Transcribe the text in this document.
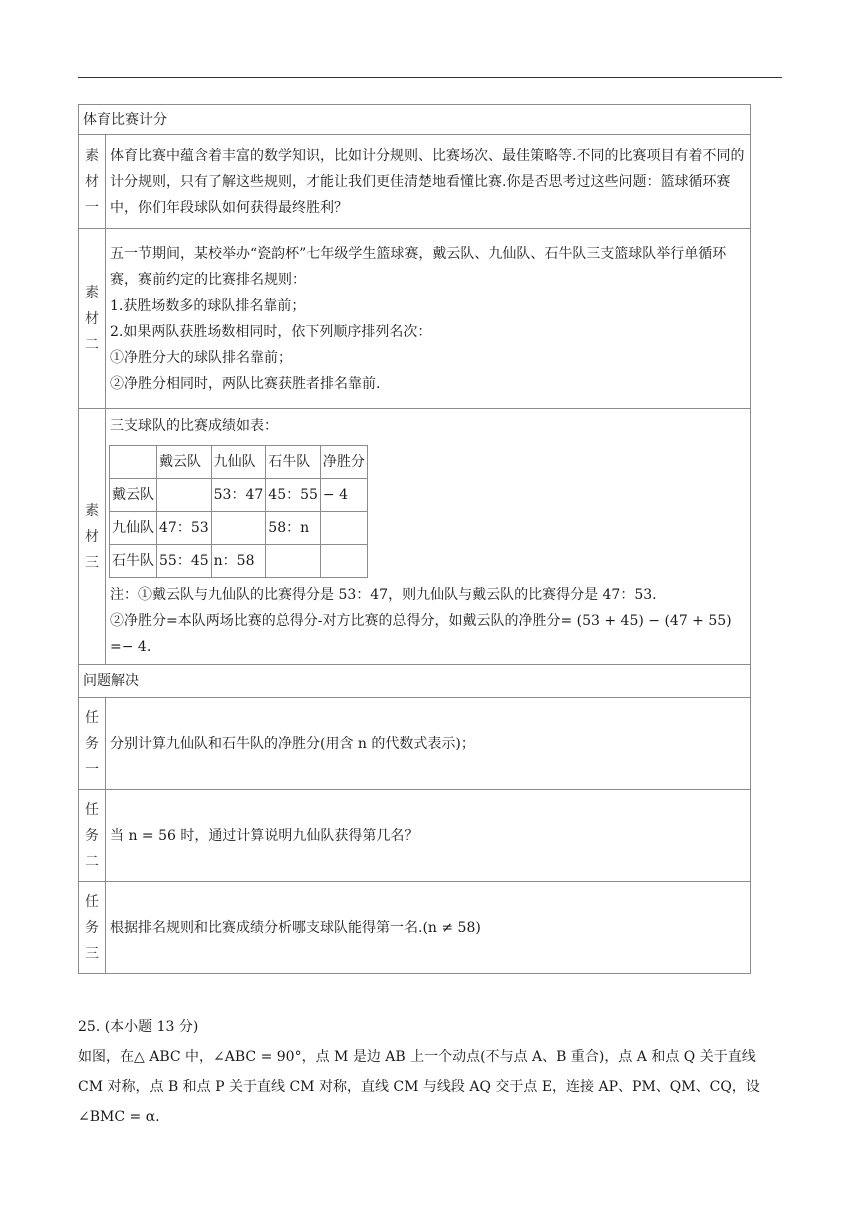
体育比赛计分

素
材
一

体育比赛中蕴含着丰富的数学知识，比如计分规则、比赛场次、最佳策略等.不同的比赛项目有着不同的计分规则，只有了解这些规则，才能让我们更佳清楚地看懂比赛.你是否思考过这些问题：篮球循环赛中，你们年段球队如何获得最终胜利？

素
材
二

五一节期间，某校举办“瓷韵杯”七年级学生篮球赛，戴云队、九仙队、石牛队三支篮球队举行单循环赛，赛前约定的比赛排名规则：
1.获胜场数多的球队排名靠前；
2.如果两队获胜场数相同时，依下列顺序排列名次：
①净胜分大的球队排名靠前；
②净胜分相同时，两队比赛获胜者排名靠前.

素
材
三

三支球队的比赛成绩如表：
	戴云队	九仙队	石牛队	净胜分
戴云队		53：47	45：55	− 4
九仙队	47：53		58：n	
石牛队	55：45	n：58		
注：①戴云队与九仙队的比赛得分是 53：47，则九仙队与戴云队的比赛得分是 47：53.
②净胜分=本队两场比赛的总得分-对方比赛的总得分，如戴云队的净胜分= (53 + 45) − (47 + 55) =− 4.

问题解决

任
务
一
	分别计算九仙队和石牛队的净胜分(用含 n 的代数式表示)；

任
务
二
	当 n = 56 时，通过计算说明九仙队获得第几名？

任
务
三
	根据排名规则和比赛成绩分析哪支球队能得第一名.(n ≠ 58)
25. (本小题 13 分)
如图，在△ ABC 中，∠ABC = 90°，点 M 是边 AB 上一个动点(不与点 A、B 重合)，点 A 和点 Q 关于直线 CM 对称，点 B 和点 P 关于直线 CM 对称，直线 CM 与线段 AQ 交于点 E，连接 AP、PM、QM、CQ，设∠BMC = α.
